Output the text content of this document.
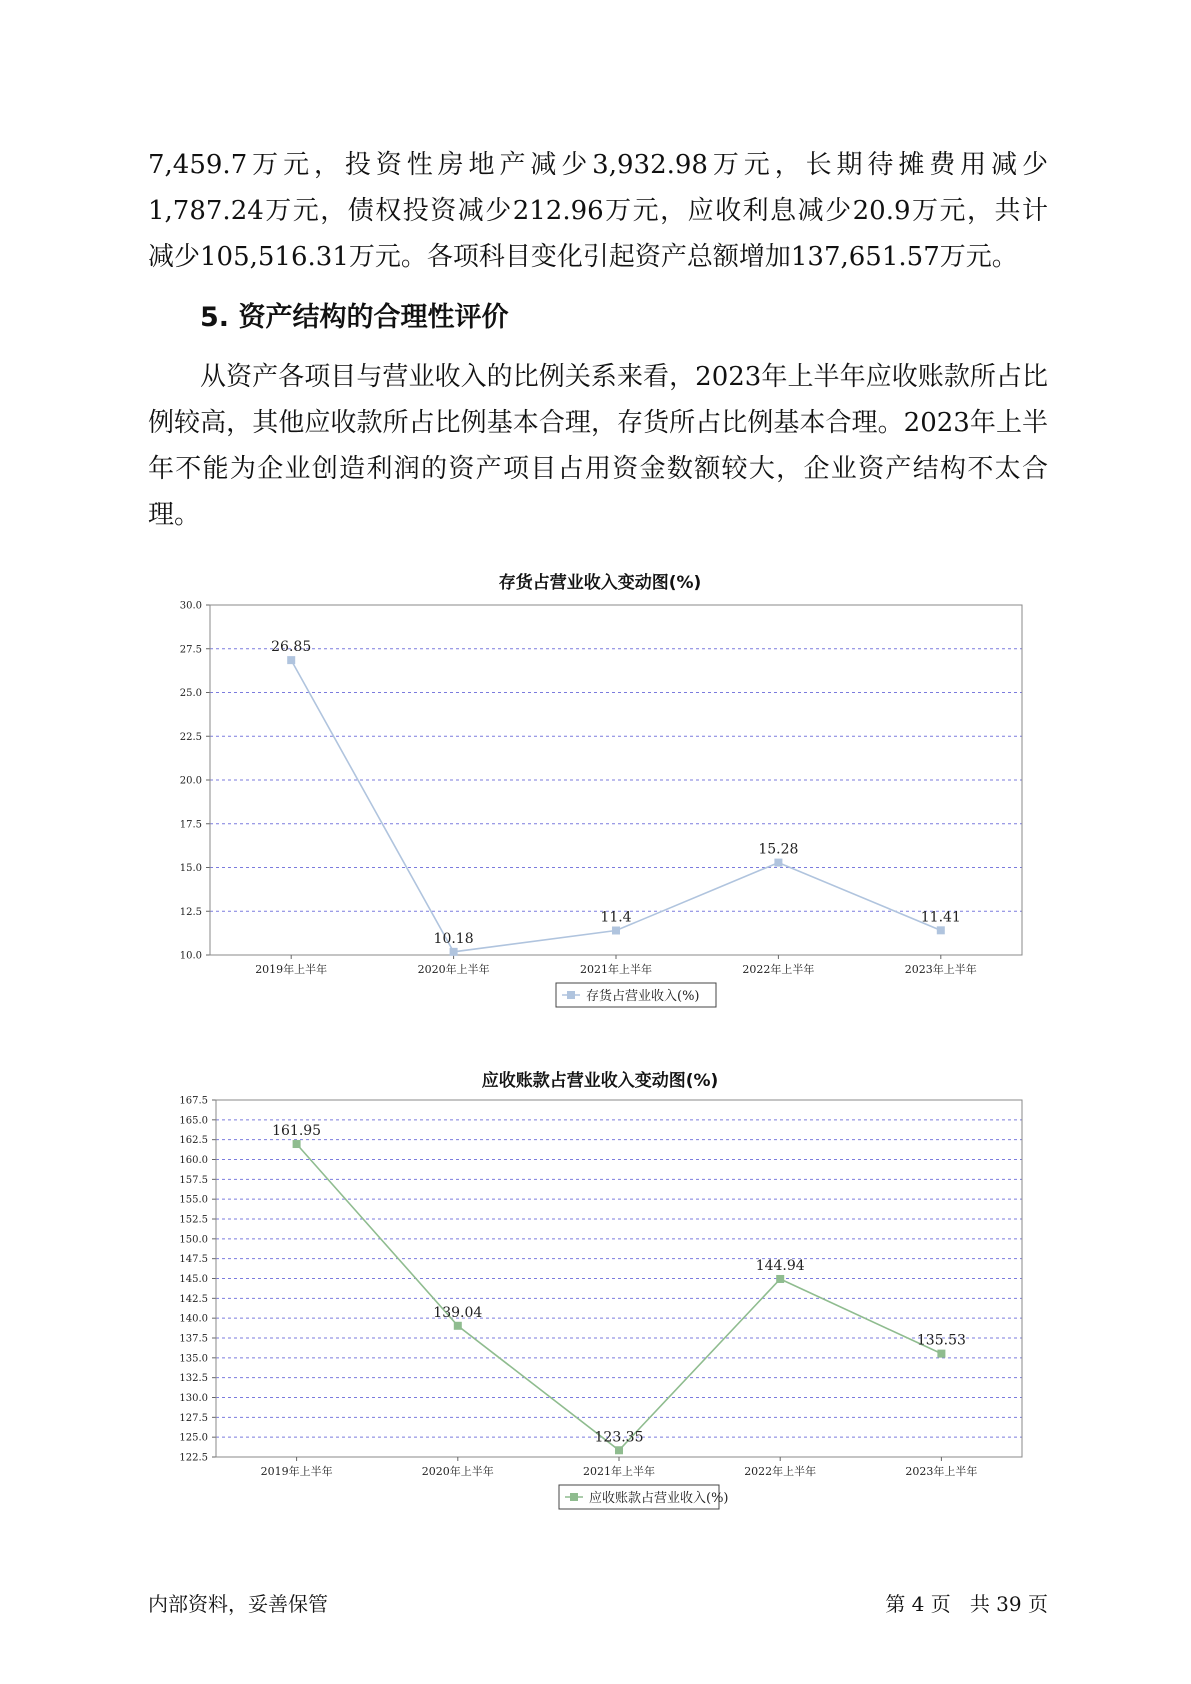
7,459.7万元，投资性房地产减少3,932.98万元，长期待摊费用减少

1,787.24万元，债权投资减少212.96万元，应收利息减少20.9万元，共计

减少105,516.31万元。各项科目变化引起资产总额增加137,651.57万元。

5. 资产结构的合理性评价

从资产各项目与营业收入的比例关系来看，2023年上半年应收账款所占比例较高，其他应收款所占比例基本合理，存货所占比例基本合理。2023年上半年不能为企业创造利润的资产项目占用资金数额较大，企业资产结构不太合理。

存货占营业收入变动图(%)
10.0
12.5
15.0
17.5
20.0
22.5
25.0
27.5
30.0
2019年上半年	2020年上半年	2021年上半年	2022年上半年	2023年上半年
26.85
10.18
11.4
15.28
11.41
存货占营业收入(%)
应收账款占营业收入变动图(%)
122.5
125.0
127.5
130.0
132.5
135.0
137.5
140.0
142.5
145.0
147.5
150.0
152.5
155.0
157.5
160.0
162.5
165.0
167.5
2019年上半年	2020年上半年	2021年上半年	2022年上半年	2023年上半年
161.95
139.04
123.35
144.94
135.53
应收账款占营业收入(%)
内部资料，妥善保管	第 4 页   共 39 页
